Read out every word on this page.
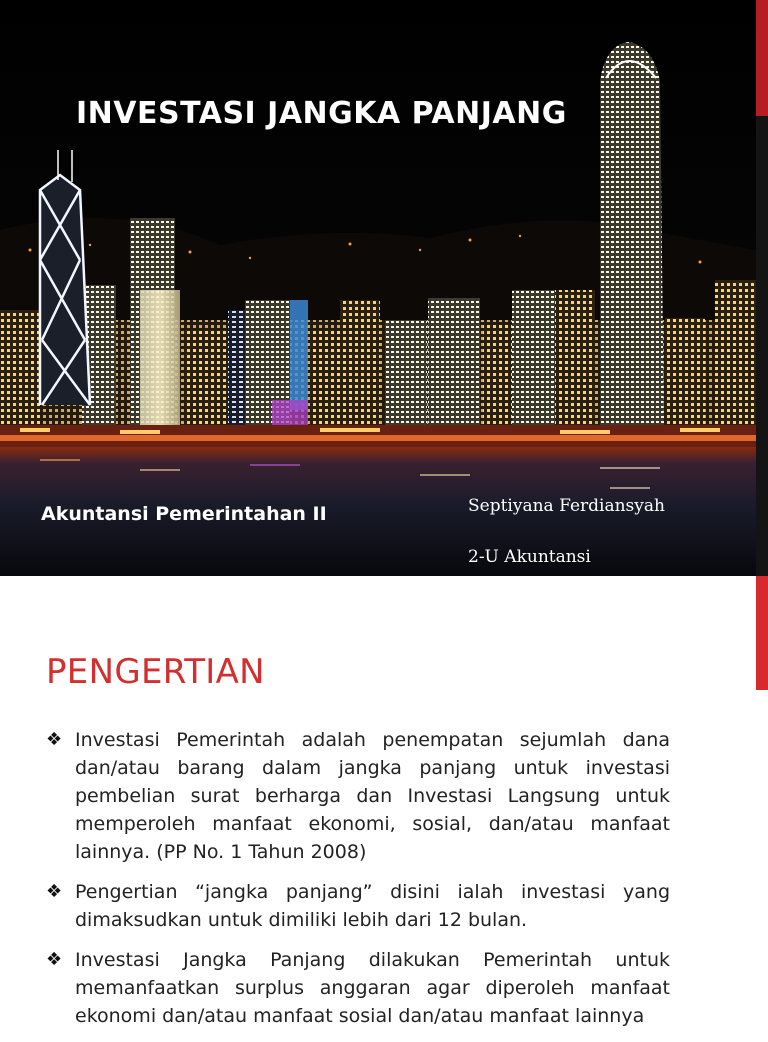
INVESTASI JANGKA PANJANG

Akuntansi Pemerintahan II	Septiyana Ferdiansyah

2-U Akuntansi

PENGERTIAN
❖ Investasi Pemerintah adalah penempatan sejumlah dana dan/atau barang dalam jangka panjang untuk investasi pembelian surat berharga dan Investasi Langsung untuk memperoleh manfaat ekonomi, sosial, dan/atau manfaat lainnya. (PP No. 1 Tahun 2008)
❖ Pengertian “jangka panjang” disini ialah investasi yang dimaksudkan untuk dimiliki lebih dari 12 bulan.
❖ Investasi Jangka Panjang dilakukan Pemerintah untuk memanfaatkan surplus anggaran agar diperoleh manfaat ekonomi dan/atau manfaat sosial dan/atau manfaat lainnya
